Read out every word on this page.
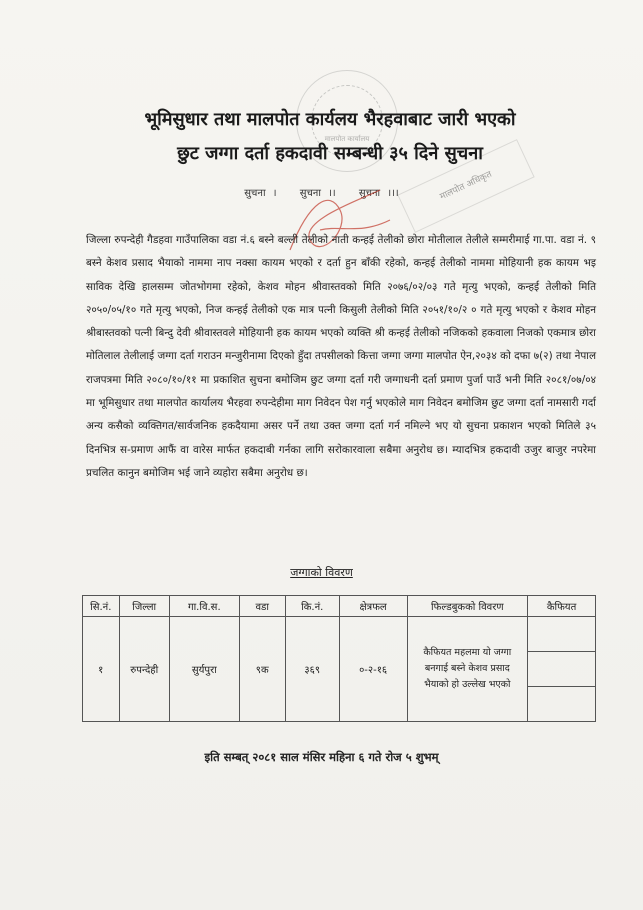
मालपोत कार्यालय
भूमिसुधार तथा मालपोत कार्यलय भैरहवाबाट जारी भएको
छुट जग्गा दर्ता हकदावी सम्बन्धी ३५ दिने सुचना
सुचना । सुचना ।। सुचना ।।।	मालपोत अधिकृत

जिल्ला रुपन्देही गैडहवा गाउँपालिका वडा नं.६ बस्ने बल्ली तेलीको नाती कन्हई तेलीको छोरा मोतीलाल तेलीले सम्मरीमाई गा.पा. वडा नं. ९ बस्ने केशव प्रसाद भैयाको नाममा नाप नक्सा कायम भएको र दर्ता हुन बाँकी रहेको, कन्हई तेलीको नाममा मोहियानी हक कायम भइ साविक देखि हालसम्म जोतभोगमा रहेको, केशव मोहन श्रीवास्तवको मिति २०७६/०२/०३ गते मृत्यु भएको, कन्हई तेलीको मिति २०५०/०५/१० गते मृत्यु भएको, निज कन्हई तेलीको एक मात्र पत्नी किसुली तेलीको मिति २०५१/१०/२ ० गते मृत्यु भएको र केशव मोहन श्रीबास्तवको पत्नी बिन्दु देवी श्रीवास्तवले मोहियानी हक कायम भएको व्यक्ति श्री कन्हई तेलीको नजिकको हकवाला निजको एकमात्र छोरा मोतिलाल तेलीलाई जग्गा दर्ता गराउन मन्जुरीनामा दिएको हुँदा तपसीलको कित्ता जग्गा जग्गा मालपोत ऐन,२०३४ को दफा ७(२) तथा नेपाल राजपत्रमा मिति २०८०/१०/११ मा प्रकाशित सुचना बमोजिम छुट जग्गा दर्ता गरी जग्गाधनी दर्ता प्रमाण पुर्जा पाउँ भनी मिति २०८१/०७/०४ मा भूमिसुधार तथा मालपोत कार्यालय भैरहवा रुपन्देहीमा माग निवेदन पेश गर्नु भएकोले माग निवेदन बमोजिम छुट जग्गा दर्ता नामसारी गर्दा अन्य कसैको व्यक्तिगत/सार्वजनिक हकदैयामा असर पर्ने तथा उक्त जग्गा दर्ता गर्न नमिल्ने भए यो सुचना प्रकाशन भएको मितिले ३५ दिनभित्र स-प्रमाण आफैं वा वारेस मार्फत हकदाबी गर्नका लागि सरोकारवाला सबैमा अनुरोध छ। म्यादभित्र हकदावी उजुर बाजुर नपरेमा प्रचलित कानुन बमोजिम भई जाने व्यहोरा सबैमा अनुरोध छ।

जग्गाको विवरण
सि.नं.	जिल्ला	गा.वि.स.	वडा	कि.नं.	क्षेत्रफल	फिल्डबुकको विवरण	कैफियत
१	रुपन्देही	सुर्यपुरा	९क	३६९	०-२-१६	कैफियत महलमा यो जग्गा बनगाई बस्ने केशव प्रसाद भैयाको हो उल्लेख भएको	
इति सम्बत् २०८१ साल मंसिर महिना ६ गते रोज ५ शुभम्
